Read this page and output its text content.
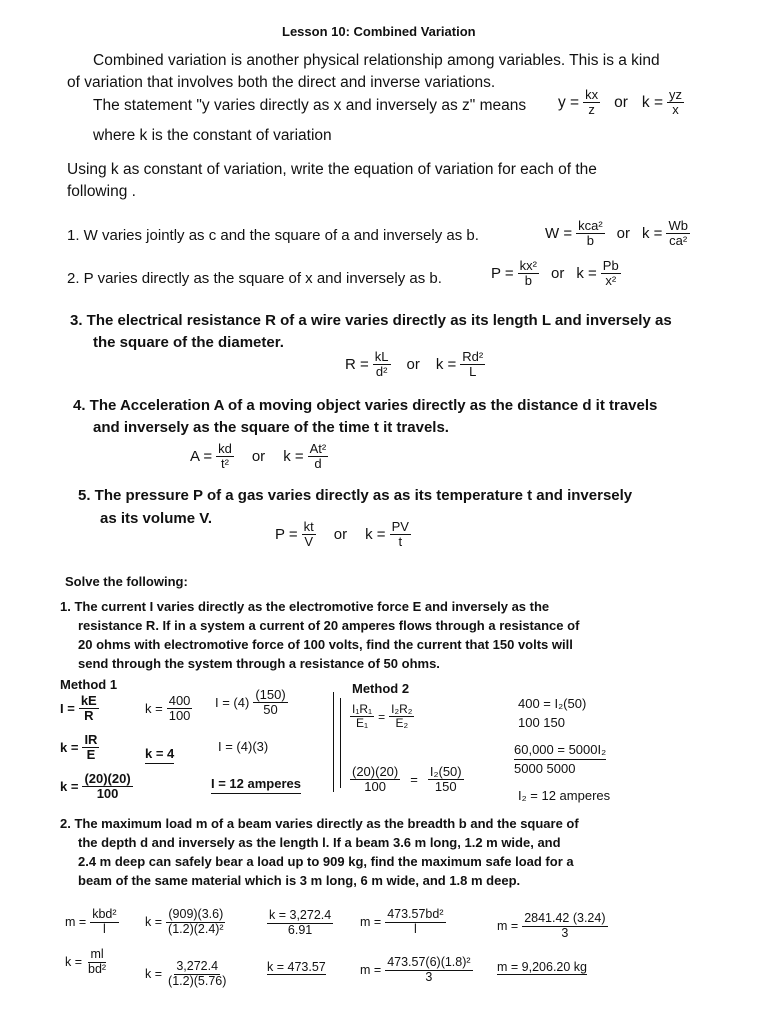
Lesson 10: Combined Variation
Combined variation is another physical relationship among variables. This is a kind
of variation that involves both the direct and inverse variations.
The statement "y varies directly as x and inversely as z" means $y = \frac{kx}{z}$ or $k = \frac{yz}{x}$
where k is the constant of variation
Using k as constant of variation, write the equation of variation for each of the
following .
1. W varies jointly as c and the square of a and inversely as b.	$W = \frac{\text{kca²}}{b}$ or $k = \frac{Wb}{\text{ca²}}$
2. P varies directly as the square of x and inversely as b.	$P = \frac{\text{kx²}}{b}$ or $k = \frac{Pb}{\text{x²}}$
3. The electrical resistance R of a wire varies directly as its length L and inversely as
the square of the diameter.
$R = \frac{kL}{\text{d²}}$ or $k = \frac{\text{Rd²}}{L}$
4. The Acceleration A of a moving object varies directly as the distance d it travels
and inversely as the square of the time t it travels.
$A = \frac{kd}{\text{t²}}$ or $k = \frac{\text{At²}}{d}$
5. The pressure P of a gas varies directly as as its temperature t and inversely
as its volume V.
$P = \frac{kt}{V}$ or $k = \frac{PV}{t}$
Solve the following:
1. The current I varies directly as the electromotive force E and inversely as the
resistance R. If in a system a current of 20 amperes flows through a resistance of
20 ohms with electromotive force of 100 volts, find the current that 150 volts will
send through the system through a resistance of 50 ohms.
Method 1
$I = \frac{kE}{R}$
$k = \frac{IR}{E}$
$k = \frac{(20)(20)}{100}$
$k = \frac{400}{100}$
k = 4
$I = (4) \frac{(150)}{50}$
I = (4)(3)
I = 12 amperes
Method 2
$\frac{\text{I₁R₁}}{\text{E₁}} = \frac{\text{I₂R₂}}{\text{E₂}}$
$\frac{(20)(20)}{100} = \frac{\text{I₂(50)}}{150}$
400 = I₂(50)
100 150
60,000 = 5000I₂
5000 5000
I₂ = 12 amperes
2. The maximum load m of a beam varies directly as the breadth b and the square of
the depth d and inversely as the length l. If a beam 3.6 m long, 1.2 m wide, and
2.4 m deep can safely bear a load up to 909 kg, find the maximum safe load for a
beam of the same material which is 3 m long, 6 m wide, and 1.8 m deep.
$m = \frac{\text{kbd²}}{l}$
$k = \frac{ml}{\text{bd²}}$
$k = \frac{(909)(3.6)}{\text{(1.2)(2.4)²}}$
$k = \frac{3,272.4}{(1.2)(5.76)}$
$\frac{k = 3,272.4}{6.91}$
k = 473.57
$m = \frac{\text{473.57bd²}}{l}$
$m = \frac{\text{473.57(6)(1.8)²}}{3}$
$m = \frac{2841.42 (3.24)}{3}$
m = 9,206.20 kg
